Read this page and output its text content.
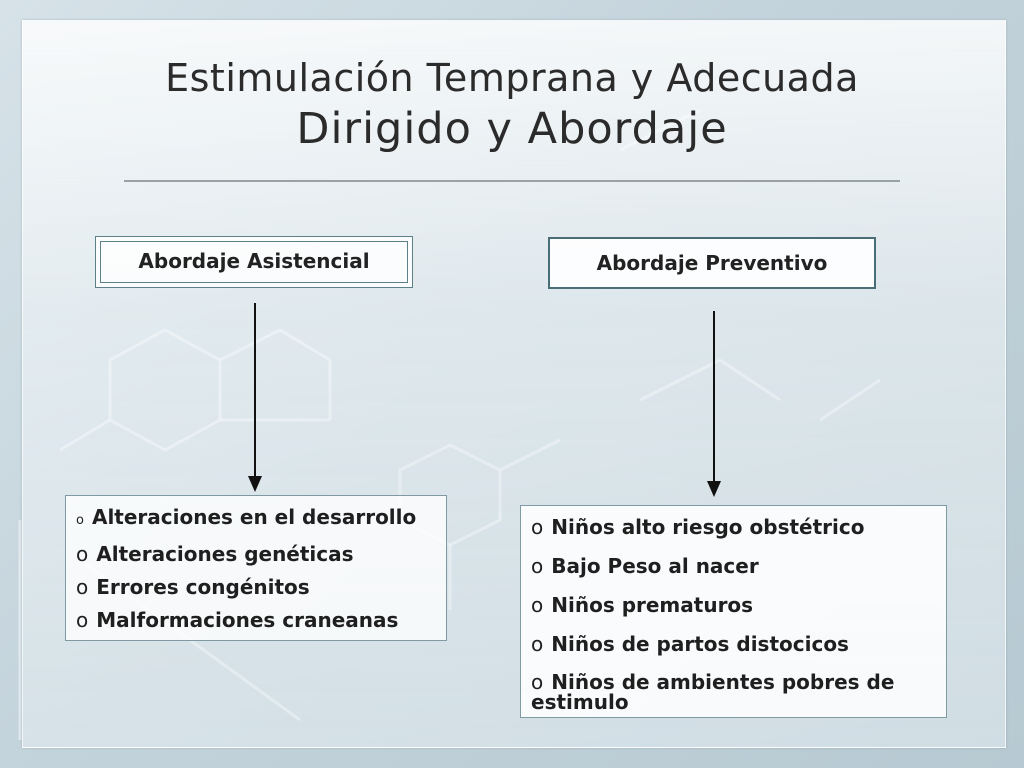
Estimulación Temprana y Adecuada
Dirigido y Abordaje
Abordaje Asistencial	Abordaje Preventivo
o Alteraciones en el desarrollo
o Alteraciones genéticas
o Errores congénitos
o Malformaciones craneanas
o Niños alto riesgo obstétrico
o Bajo Peso al nacer
o Niños prematuros
o Niños de partos distocicos
o Niños de ambientes pobres de estimulo
